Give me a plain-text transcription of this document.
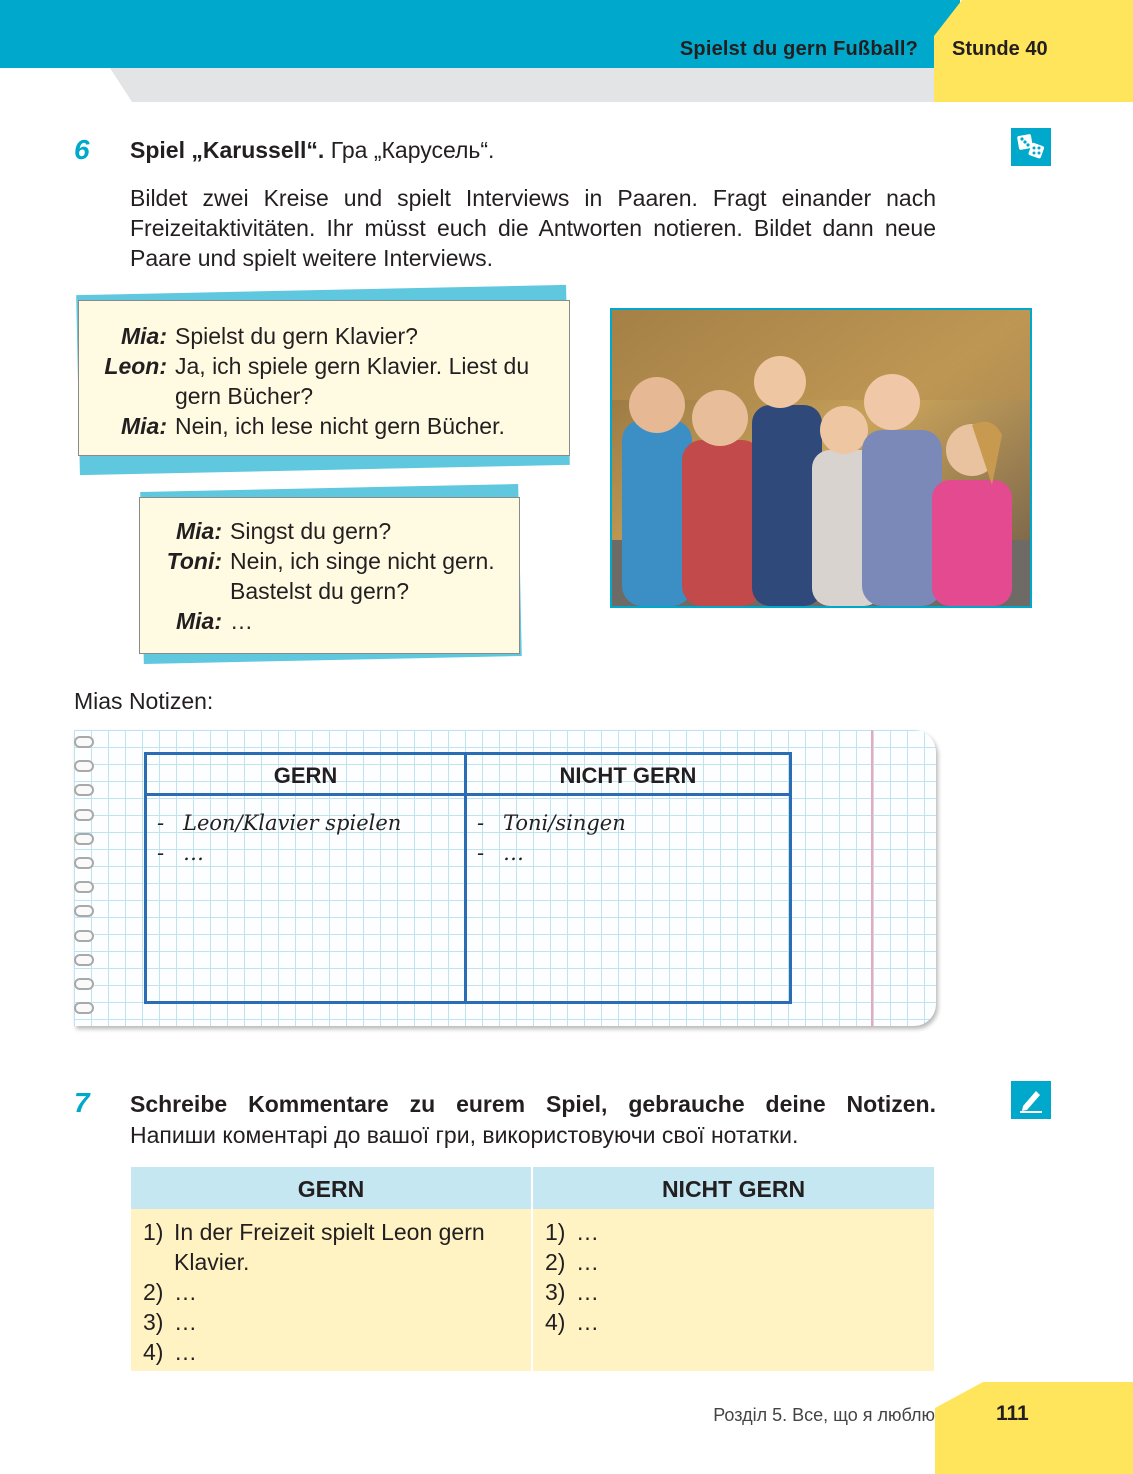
Spielst du gern Fußball? Stunde 40
6 Spiel „Karussell“. Гра „Карусель“.
Bildet zwei Kreise und spielt Interviews in Paaren. Fragt einander nach Freizeitaktivitäten. Ihr müsst euch die Antworten notieren. Bildet dann neue Paare und spielt weitere Interviews.
Mia: Spielst du gern Klavier?
Leon: Ja, ich spiele gern Klavier. Liest du gern Bücher?
Mia: Nein, ich lese nicht gern Bücher.
Mia: Singst du gern?
Toni: Nein, ich singe nicht gern. Bastelst du gern?
Mia: …
Mias Notizen:
GERN
- Leon/Klavier spielen
- …
NICHT GERN
- Toni/singen
- …
7 Schreibe Kommentare zu eurem Spiel, gebrauche deine Notizen.
Напиши коментарі до вашої гри, використовуючи свої нотатки.
GERN	NICHT GERN
1) In der Freizeit spielt Leon gern Klavier.
2) …
3) …
4) …
1) …
2) …
3) …
4) …
Розділ 5. Все, що я люблю	111
